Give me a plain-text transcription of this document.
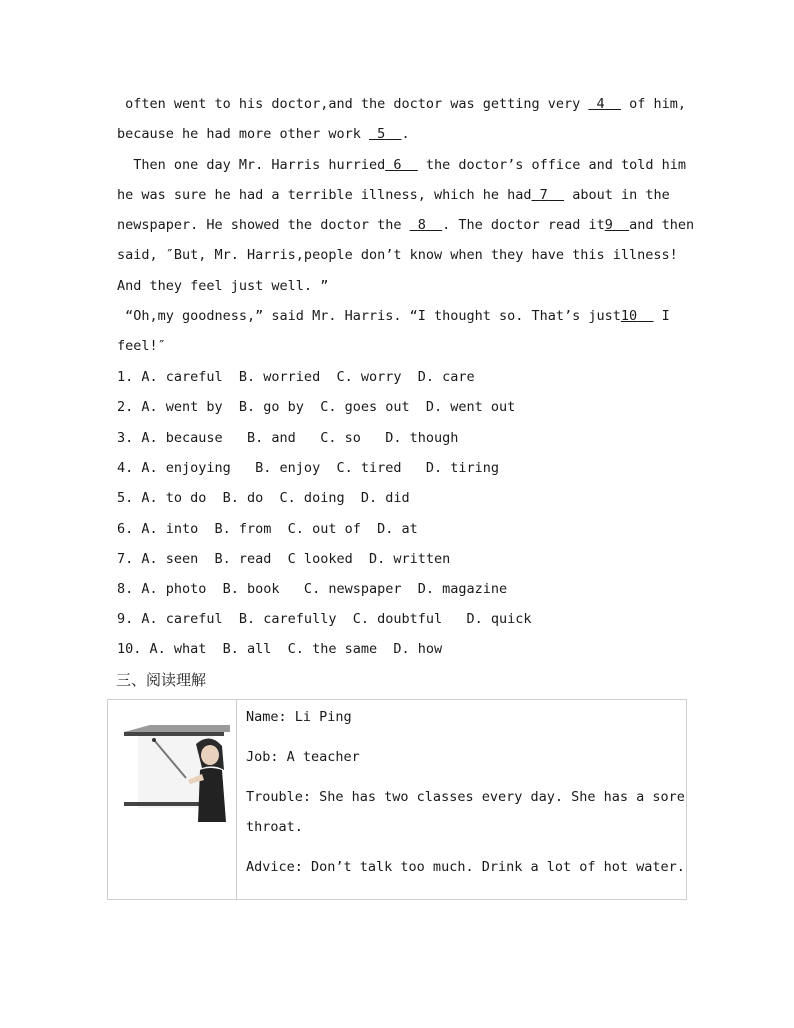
often went to his doctor,and the doctor was getting very  4   of him,
because he had more other work  5 .
Then one day Mr. Harris hurried 6   the doctor’s office and told him
he was sure he had a terrible illness, which he had 7   about in the
newspaper. He showed the doctor the  8 . The doctor read it9 and then
said, ″But, Mr. Harris,people don’t know when they have this illness!
And they feel just well. ”
“Oh,my goodness,” said Mr. Harris. “I thought so. That’s just10   I
feel!″
1. A. careful  B. worried  C. worry  D. care
2. A. went by  B. go by  C. goes out  D. went out
3. A. because   B. and   C. so   D. though
4. A. enjoying   B. enjoy  C. tired   D. tiring
5. A. to do  B. do  C. doing  D. did
6. A. into  B. from  C. out of  D. at
7. A. seen  B. read  C looked  D. written
8. A. photo  B. book   C. newspaper  D. magazine
9. A. careful  B. carefully  C. doubtful   D. quick
10. A. what  B. all  C. the same  D. how
三、阅读理解
Name: Li Ping
Job: A teacher
Trouble: She has two classes every day. She has a sore
throat.
Advice: Don’t talk too much. Drink a lot of hot water.
